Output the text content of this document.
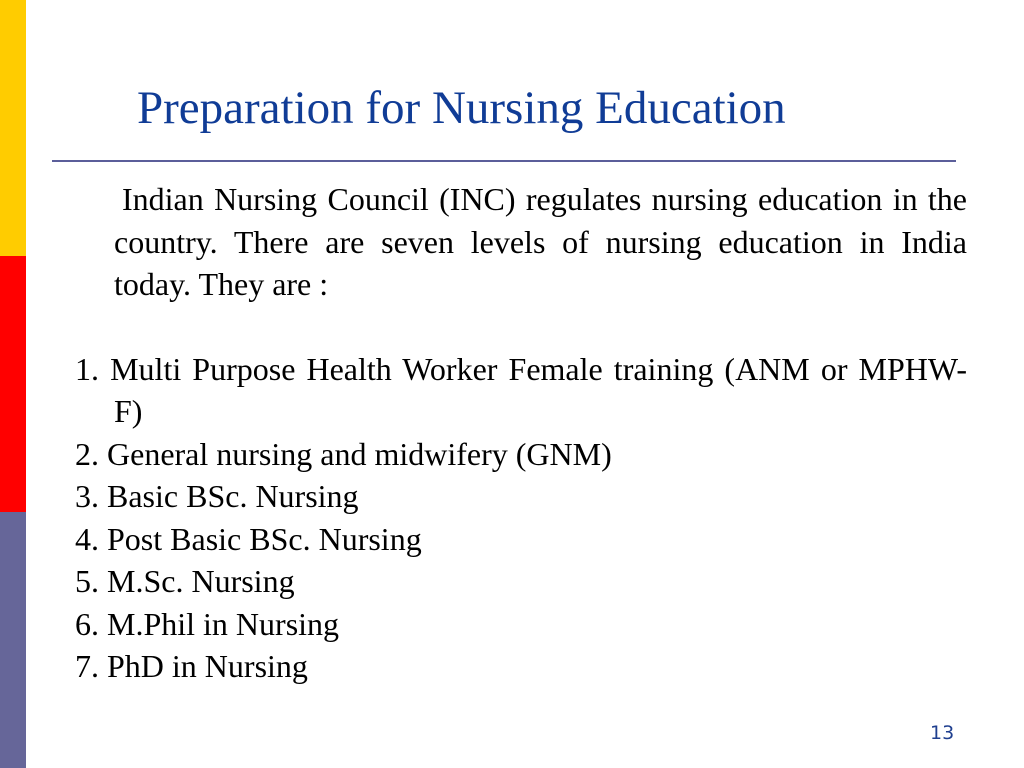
Preparation for Nursing Education

Indian Nursing Council (INC) regulates nursing education in the country. There are seven levels of nursing education in India today. They are :

1. Multi Purpose Health Worker Female training (ANM or MPHW-F)
2. General nursing and midwifery (GNM)
3. Basic BSc. Nursing
4. Post Basic BSc. Nursing
5. M.Sc. Nursing
6. M.Phil in Nursing
7. PhD in Nursing
13
